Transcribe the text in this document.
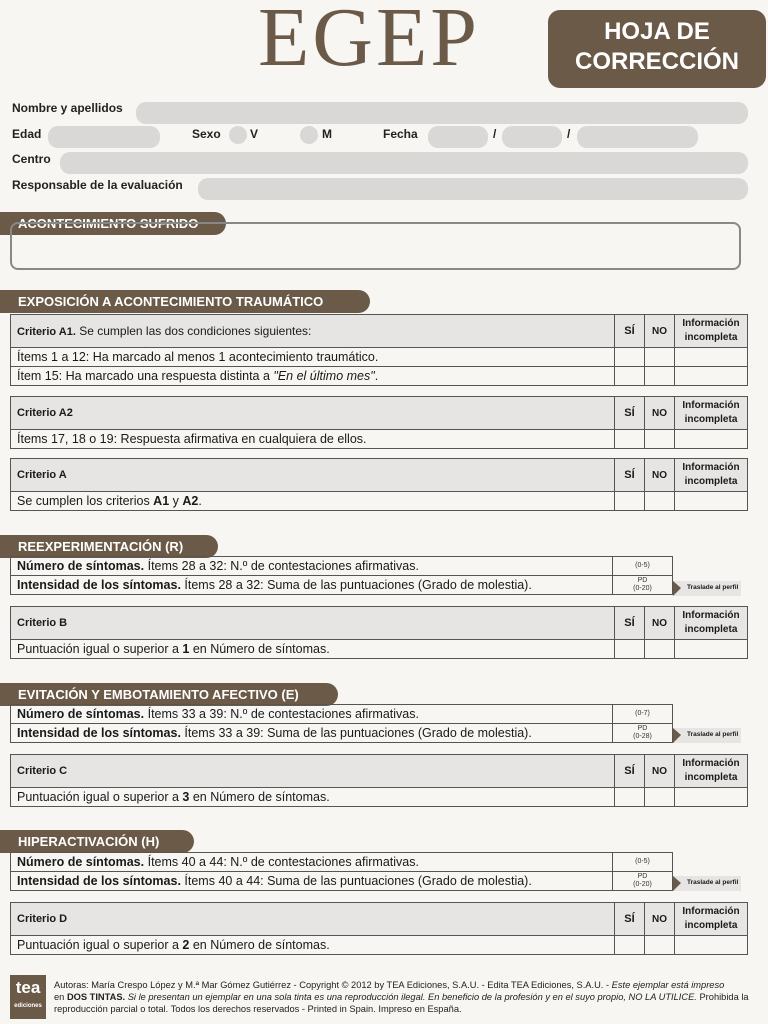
EGEP	HOJA DE
CORRECCIÓN
Nombre y apellidos
Edad	Sexo V	M	Fecha	/	/
Centro
Responsable de la evaluación
ACONTECIMIENTO SUFRIDO
EXPOSICIÓN A ACONTECIMIENTO TRAUMÁTICO
Criterio A1. Se cumplen las dos condiciones siguientes:	SÍ	NO	Información
incompleta

Ítems 1 a 12: Ha marcado al menos 1 acontecimiento traumático.			
Ítem 15: Ha marcado una respuesta distinta a "En el último mes".			
Criterio A2	SÍ	NO	Información
incompleta

Ítems 17, 18 o 19: Respuesta afirmativa en cualquiera de ellos.			
Criterio A	SÍ	NO	Información
incompleta

Se cumplen los criterios A1 y A2.			
REEXPERIMENTACIÓN (R)
Número de síntomas. Ítems 28 a 32: N.º de contestaciones afirmativas.	(0-5)

Intensidad de los síntomas. Ítems 28 a 32: Suma de las puntuaciones (Grado de molestia).	PD
(0-20)	Traslade al perfil
Criterio B	SÍ	NO	Información
incompleta

Puntuación igual o superior a 1 en Número de síntomas.			
EVITACIÓN Y EMBOTAMIENTO AFECTIVO (E)
Número de síntomas. Ítems 33 a 39: N.º de contestaciones afirmativas.	(0-7)

Intensidad de los síntomas. Ítems 33 a 39: Suma de las puntuaciones (Grado de molestia).	PD
(0-28)	Traslade al perfil
Criterio C	SÍ	NO	Información
incompleta

Puntuación igual o superior a 3 en Número de síntomas.			
HIPERACTIVACIÓN (H)
Número de síntomas. Ítems 40 a 44: N.º de contestaciones afirmativas.	(0-5)

Intensidad de los síntomas. Ítems 40 a 44: Suma de las puntuaciones (Grado de molestia).	PD
(0-20)	Traslade al perfil
Criterio D	SÍ	NO	Información
incompleta

Puntuación igual o superior a 2 en Número de síntomas.			
tea
ediciones
Autoras: María Crespo López y M.ª Mar Gómez Gutiérrez - Copyright © 2012 by TEA Ediciones, S.A.U. - Edita TEA Ediciones, S.A.U. - Este ejemplar está impreso
en DOS TINTAS. Si le presentan un ejemplar en una sola tinta es una reproducción ilegal. En beneficio de la profesión y en el suyo propio, NO LA UTILICE. Prohibida la
reproducción parcial o total. Todos los derechos reservados - Printed in Spain. Impreso en España.
